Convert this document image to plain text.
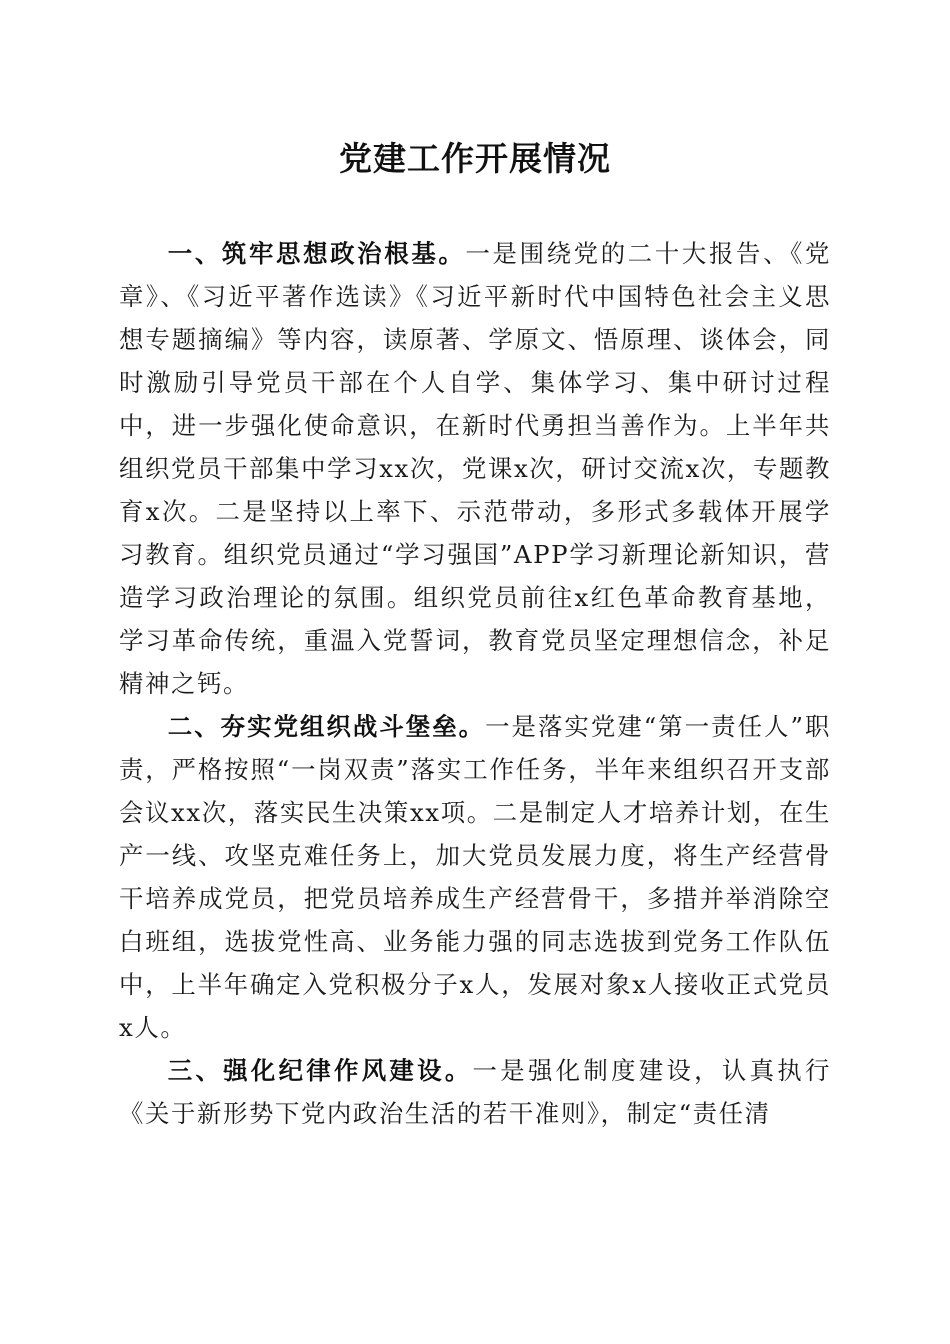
党建工作开展情况

一、筑牢思想政治根基。一是围绕党的二十大报告、《党章》、《习近平著作选读》《习近平新时代中国特色社会主义思想专题摘编》等内容，读原著、学原文、悟原理、谈体会，同时激励引导党员干部在个人自学、集体学习、集中研讨过程中，进一步强化使命意识，在新时代勇担当善作为。上半年共组织党员干部集中学习xx次，党课x次，研讨交流x次，专题教育x次。二是坚持以上率下、示范带动，多形式多载体开展学习教育。组织党员通过“学习强国”APP学习新理论新知识，营造学习政治理论的氛围。组织党员前往x红色革命教育基地，学习革命传统，重温入党誓词，教育党员坚定理想信念，补足精神之钙。

二、夯实党组织战斗堡垒。一是落实党建“第一责任人”职责，严格按照“一岗双责”落实工作任务，半年来组织召开支部会议xx次，落实民生决策xx项。二是制定人才培养计划，在生产一线、攻坚克难任务上，加大党员发展力度，将生产经营骨干培养成党员，把党员培养成生产经营骨干，多措并举消除空白班组，选拔党性高、业务能力强的同志选拔到党务工作队伍中，上半年确定入党积极分子x人，发展对象x人接收正式党员x人。

三、强化纪律作风建设。一是强化制度建设，认真执行《关于新形势下党内政治生活的若干准则》，制定“责任清
